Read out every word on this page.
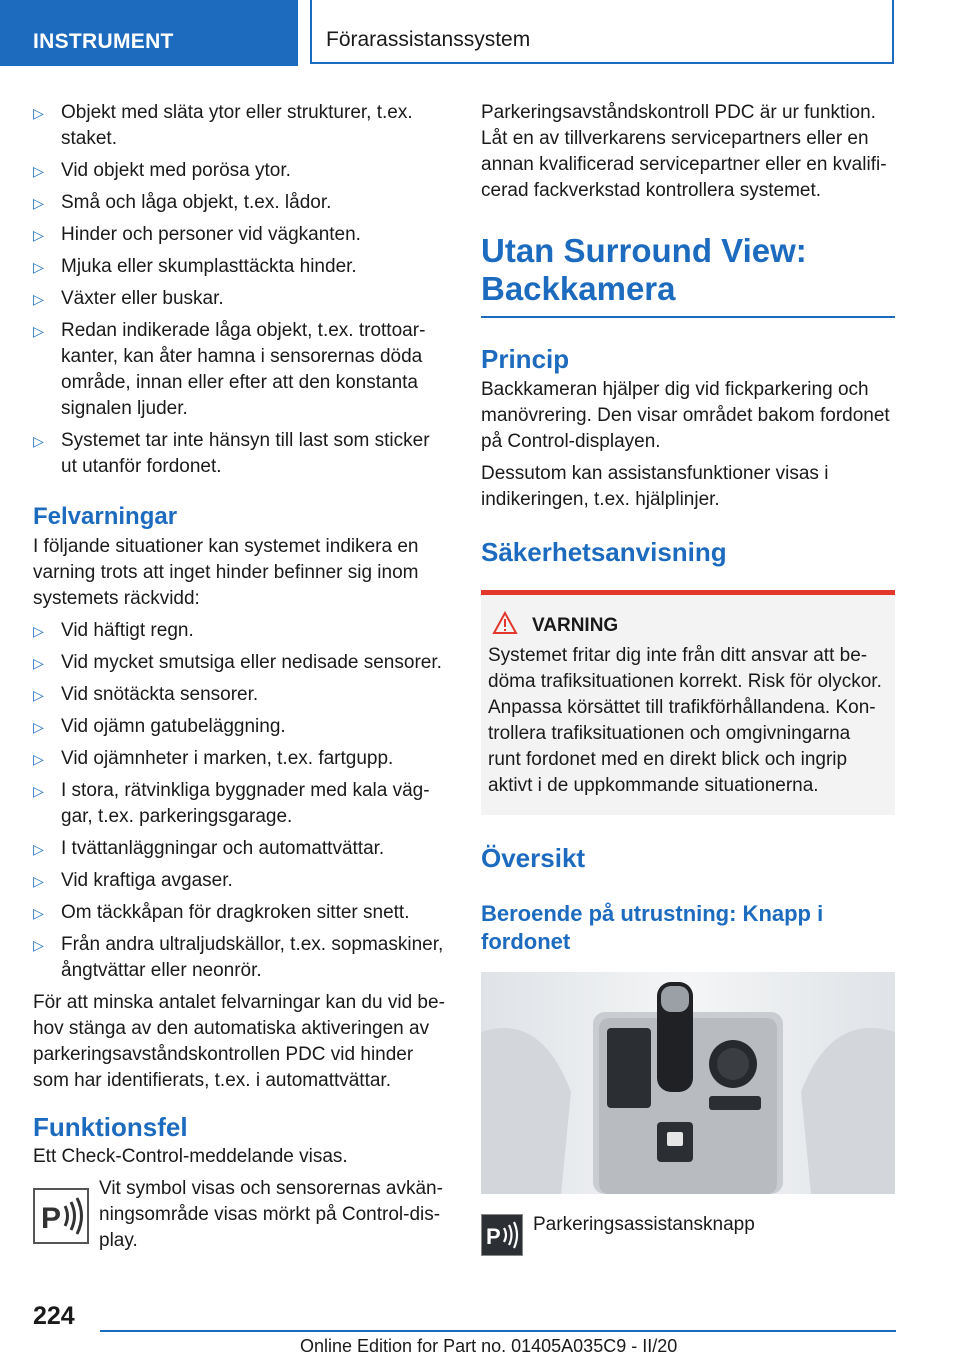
INSTRUMENT	Förarassistanssystem
▷ Objekt med släta ytor eller strukturer, t.ex. staket.
▷ Vid objekt med porösa ytor.
▷ Små och låga objekt, t.ex. lådor.
▷ Hinder och personer vid vägkanten.
▷ Mjuka eller skumplasttäckta hinder.
▷ Växter eller buskar.
▷ Redan indikerade låga objekt, t.ex. trottoarkanter, kan åter hamna i sensorernas döda område, innan eller efter att den konstanta signalen ljuder.
▷ Systemet tar inte hänsyn till last som sticker ut utanför fordonet.
Felvarningar

I följande situationer kan systemet indikera en varning trots att inget hinder befinner sig inom systemets räckvidd:

▷ Vid häftigt regn.
▷ Vid mycket smutsiga eller nedisade sensorer.
▷ Vid snötäckta sensorer.
▷ Vid ojämn gatubeläggning.
▷ Vid ojämnheter i marken, t.ex. fartgupp.
▷ I stora, rätvinkliga byggnader med kala väggar, t.ex. parkeringsgarage.
▷ I tvättanläggningar och automattvättar.
▷ Vid kraftiga avgaser.
▷ Om täckkåpan för dragkroken sitter snett.
▷ Från andra ultraljudskällor, t.ex. sopmaskiner, ångtvättar eller neonrör.

För att minska antalet felvarningar kan du vid behov stänga av den automatiska aktiveringen av parkeringsavståndskontrollen PDC vid hinder som har identifierats, t.ex. i automattvättar.

Funktionsfel

Ett Check-Control-meddelande visas.

P

Vit symbol visas och sensorernas avkänningsområde visas mörkt på Control-display.

Parkeringsavståndskontroll PDC är ur funktion. Låt en av tillverkarens servicepartners eller en annan kvalificerad servicepartner eller en kvalificerad fackverkstad kontrollera systemet.

Utan Surround View: Backkamera
Princip

Backkameran hjälper dig vid fickparkering och manövrering. Den visar området bakom fordonet på Control-displayen.

Dessutom kan assistansfunktioner visas i indikeringen, t.ex. hjälplinjer.

Säkerhetsanvisning
VARNING

Systemet fritar dig inte från ditt ansvar att bedöma trafiksituationen korrekt. Risk för olyckor. Anpassa körsättet till trafikförhållandena. Kontrollera trafiksituationen och omgivningarna runt fordonet med en direkt blick och ingrip aktivt i de uppkommande situationerna.

Översikt
Beroende på utrustning: Knapp i fordonet
P Parkeringsassistansknapp
224
Online Edition for Part no. 01405A035C9 - II/20
